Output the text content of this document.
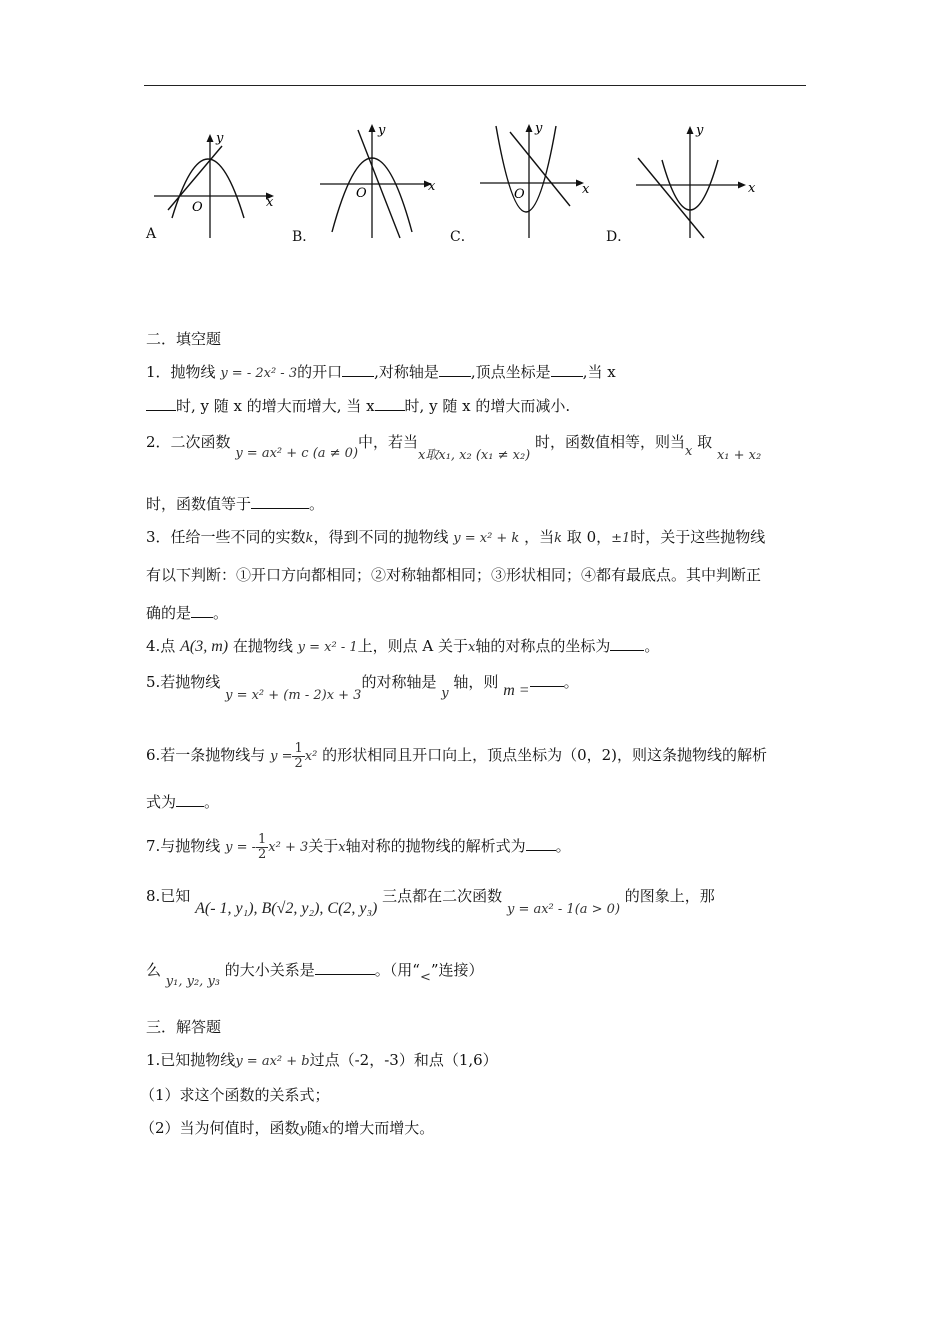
y
x
O
y
x
O
y
x
O
y
x
A	B．	C．	D．
二．填空题
1．抛物线 y = - 2x² - 3的开口 ,对称轴是 ,顶点坐标是 ,当 x
时, y 随 x 的增大而增大, 当 x 时, y 随 x 的增大而减小.
2．二次函数 y = ax² + c (a ≠ 0)中，若当x取x₁, x₂ (x₁ ≠ x₂) 时，函数值相等，则当x 取 x₁ + x₂
时，函数值等于	。
3．任给一些不同的实数k，得到不同的抛物线 y = x² + k ，当k 取 0，±1时，关于这些抛物线
有以下判断：①开口方向都相同；②对称轴都相同；③形状相同；④都有最底点。其中判断正
确的是 。
4.点 A(3, m) 在抛物线 y = x² - 1上，则点 A 关于x轴的对称点的坐标为 。
5.若抛物线 y = x² + (m - 2)x + 3的对称轴是 y 轴，则 m = 。
6.若一条抛物线与 $y = \frac{1}{2} x^2$ 的形状相同且开口向上，顶点坐标为（0，2)，则这条抛物线的解析
式为 。
7.与抛物线 y = - $\frac{1}{2} x^2 + 3$关于x轴对称的抛物线的解析式为 。
8.已知 A(- 1, y₁), B(√2, y₂), C(2, y₃) 三点都在二次函数 y = ax² - 1(a > 0) 的图象上，那
么 y₁, y₂, y₃ 的大小关系是	。（用“<”连接）
三．解答题
1.已知抛物线y = ax² + b过点（-2，-3）和点（1,6）
（1）求这个函数的关系式；
（2）当为何值时，函数y随x的增大而增大。
